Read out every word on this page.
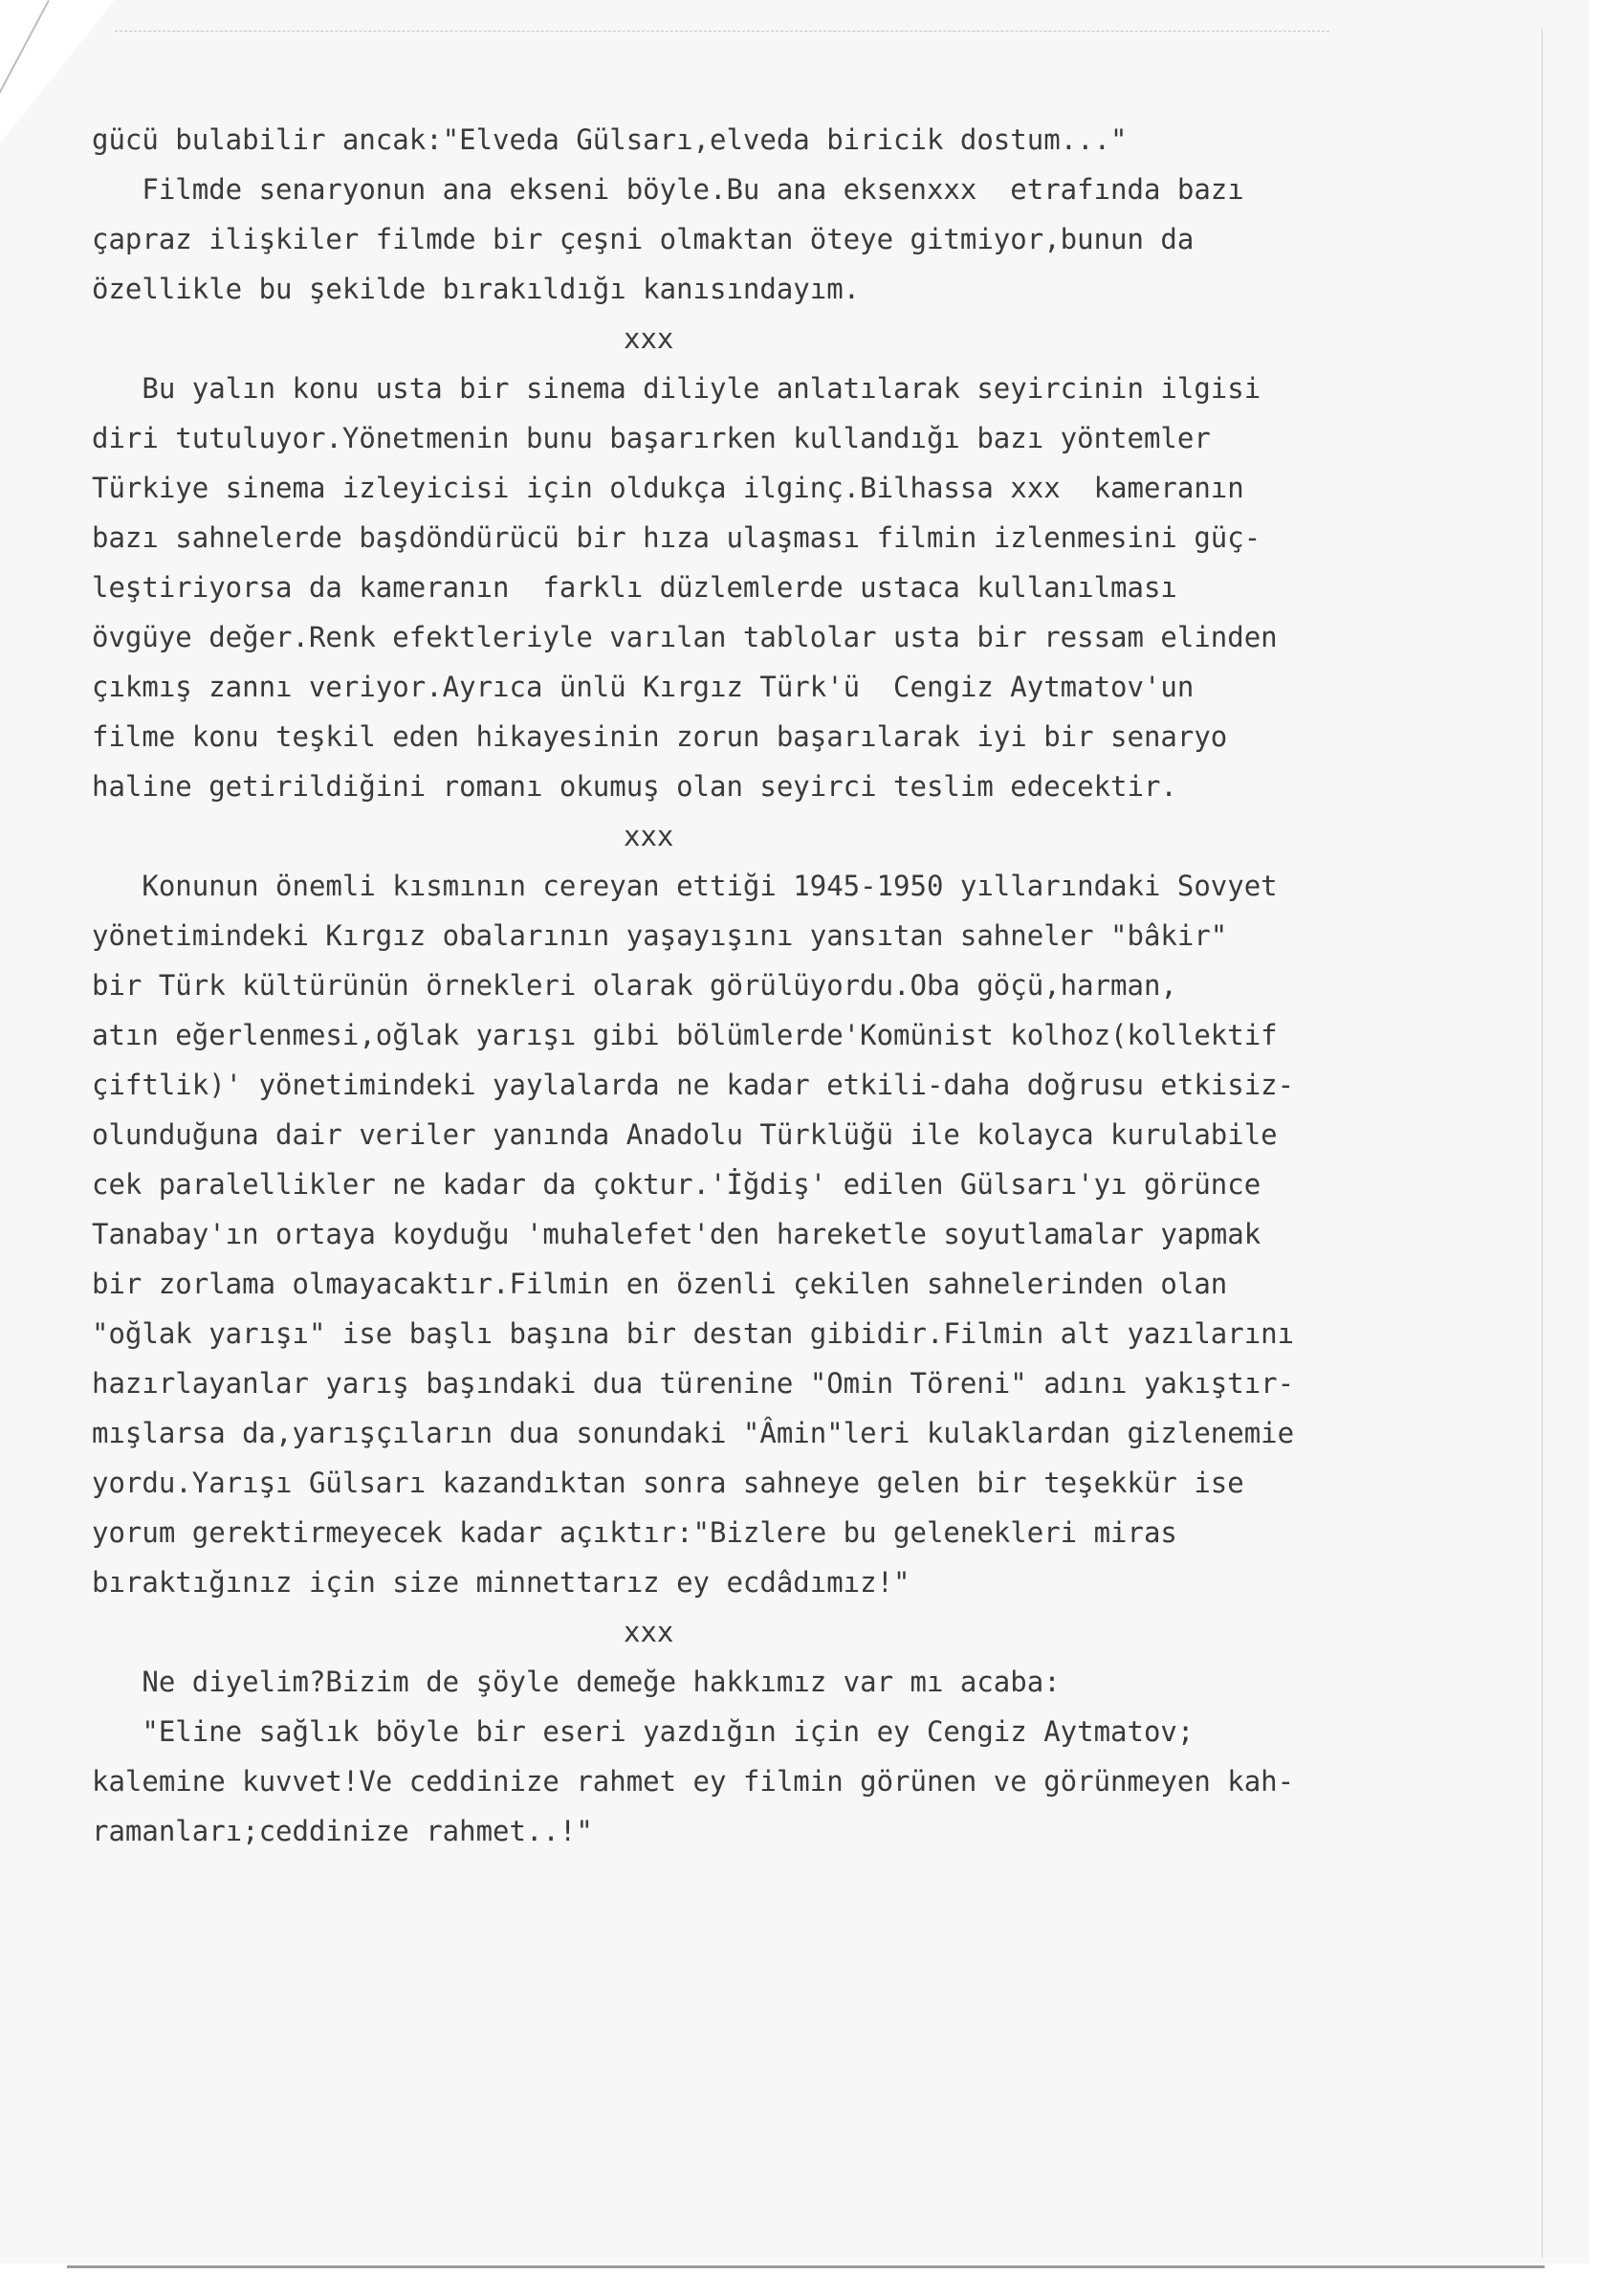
gücü bulabilir ancak:"Elveda Gülsarı,elveda biricik dostum..."
Filmde senaryonun ana ekseni böyle.Bu ana eksenxxx  etrafında bazı
çapraz ilişkiler filmde bir çeşni olmaktan öteye gitmiyor,bunun da
özellikle bu şekilde bırakıldığı kanısındayım.
xxx
Bu yalın konu usta bir sinema diliyle anlatılarak seyircinin ilgisi
diri tutuluyor.Yönetmenin bunu başarırken kullandığı bazı yöntemler
Türkiye sinema izleyicisi için oldukça ilginç.Bilhassa xxx  kameranın
bazı sahnelerde başdöndürücü bir hıza ulaşması filmin izlenmesini güç-
leştiriyorsa da kameranın  farklı düzlemlerde ustaca kullanılması
övgüye değer.Renk efektleriyle varılan tablolar usta bir ressam elinden
çıkmış zannı veriyor.Ayrıca ünlü Kırgız Türk'ü  Cengiz Aytmatov'un
filme konu teşkil eden hikayesinin zorun başarılarak iyi bir senaryo
haline getirildiğini romanı okumuş olan seyirci teslim edecektir.
xxx
Konunun önemli kısmının cereyan ettiği 1945-1950 yıllarındaki Sovyet
yönetimindeki Kırgız obalarının yaşayışını yansıtan sahneler "bâkir"
bir Türk kültürünün örnekleri olarak görülüyordu.Oba göçü,harman,
atın eğerlenmesi,oğlak yarışı gibi bölümlerde'Komünist kolhoz(kollektif
çiftlik)' yönetimindeki yaylalarda ne kadar etkili-daha doğrusu etkisiz-
olunduğuna dair veriler yanında Anadolu Türklüğü ile kolayca kurulabile
cek paralellikler ne kadar da çoktur.'İğdiş' edilen Gülsarı'yı görünce
Tanabay'ın ortaya koyduğu 'muhalefet'den hareketle soyutlamalar yapmak
bir zorlama olmayacaktır.Filmin en özenli çekilen sahnelerinden olan
"oğlak yarışı" ise başlı başına bir destan gibidir.Filmin alt yazılarını
hazırlayanlar yarış başındaki dua türenine "Omin Töreni" adını yakıştır-
mışlarsa da,yarışçıların dua sonundaki "Âmin"leri kulaklardan gizlenemie
yordu.Yarışı Gülsarı kazandıktan sonra sahneye gelen bir teşekkür ise
yorum gerektirmeyecek kadar açıktır:"Bizlere bu gelenekleri miras
bıraktığınız için size minnettarız ey ecdâdımız!"
xxx
Ne diyelim?Bizim de şöyle demeğe hakkımız var mı acaba:
"Eline sağlık böyle bir eseri yazdığın için ey Cengiz Aytmatov;
kalemine kuvvet!Ve ceddinize rahmet ey filmin görünen ve görünmeyen kah-
ramanları;ceddinize rahmet..!"
